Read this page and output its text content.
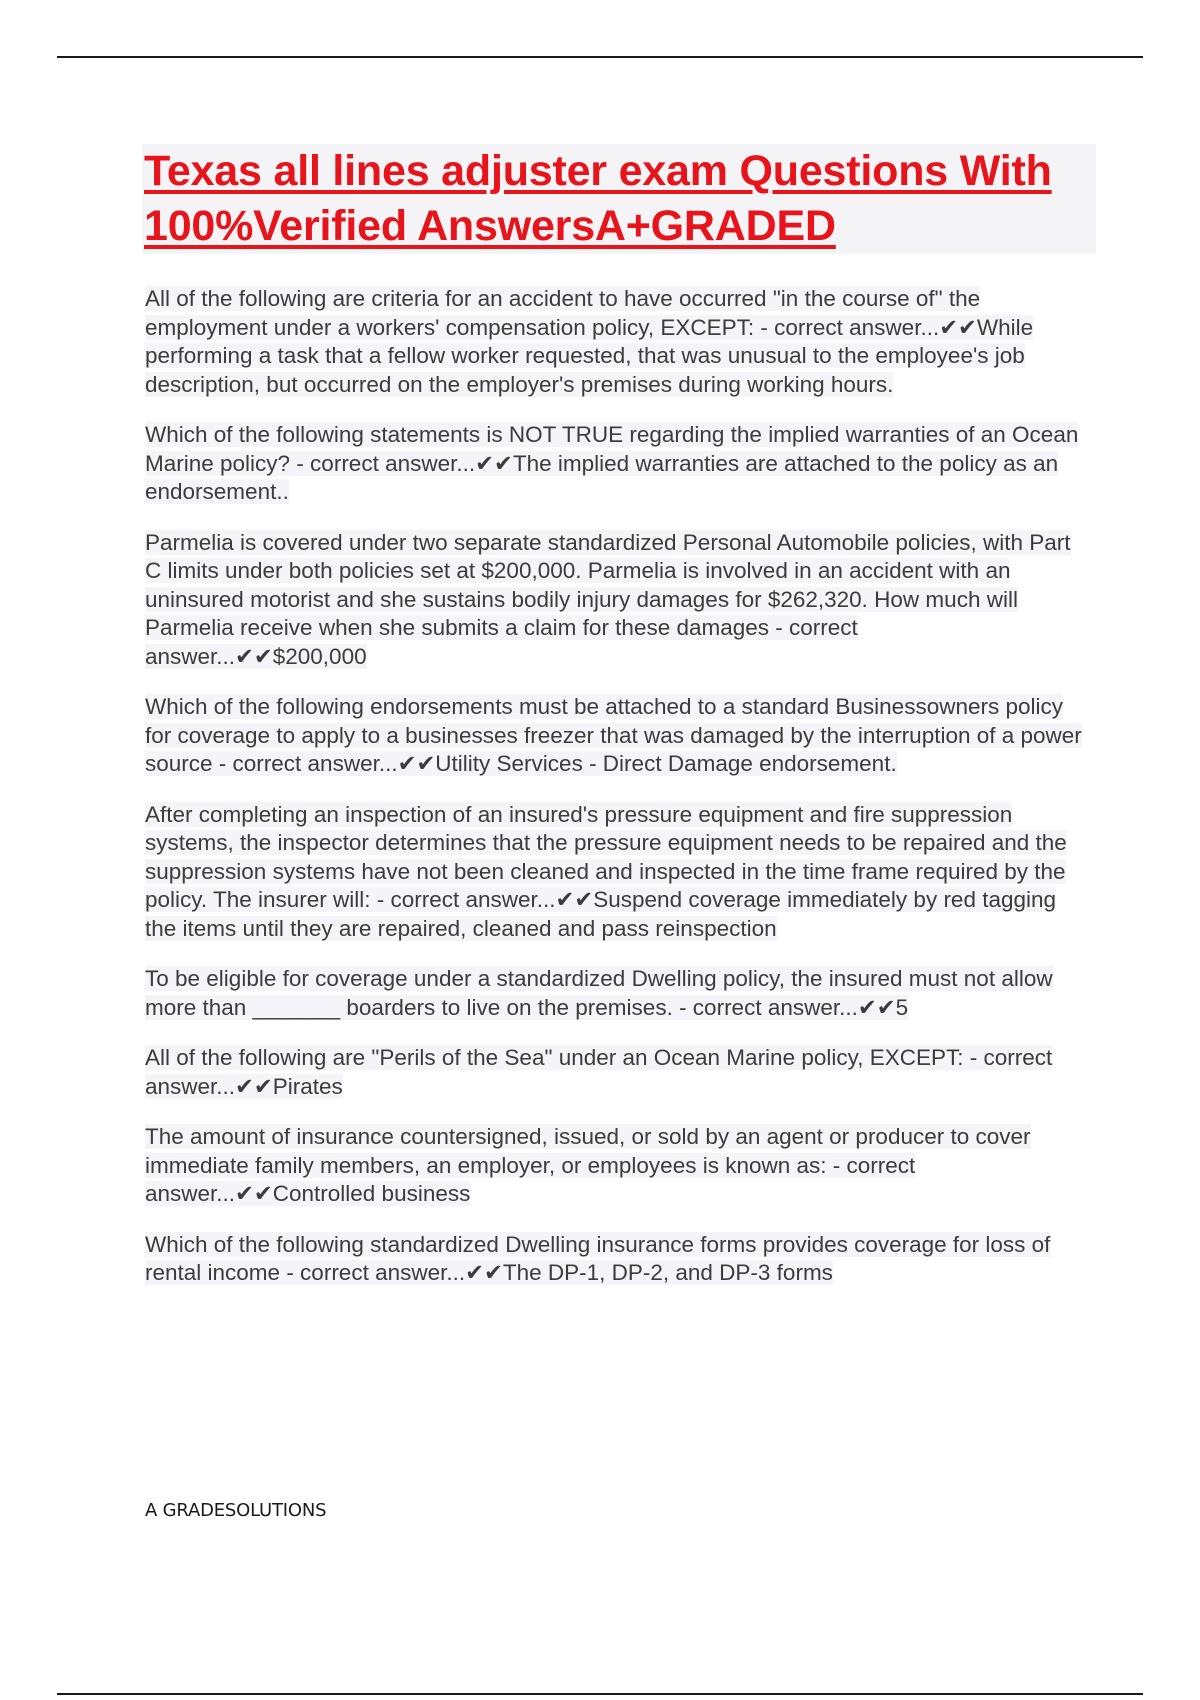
Texas all lines adjuster exam Questions With 100%Verified AnswersA+GRADED

All of the following are criteria for an accident to have occurred "in the course of" the employment under a workers' compensation policy, EXCEPT: - correct answer...✔✔While performing a task that a fellow worker requested, that was unusual to the employee's job description, but occurred on the employer's premises during working hours.

Which of the following statements is NOT TRUE regarding the implied warranties of an Ocean Marine policy? - correct answer...✔✔The implied warranties are attached to the policy as an endorsement..

Parmelia is covered under two separate standardized Personal Automobile policies, with Part C limits under both policies set at $200,000. Parmelia is involved in an accident with an uninsured motorist and she sustains bodily injury damages for $262,320. How much will Parmelia receive when she submits a claim for these damages - correct answer...✔✔$200,000

Which of the following endorsements must be attached to a standard Businessowners policy for coverage to apply to a businesses freezer that was damaged by the interruption of a power source - correct answer...✔✔Utility Services - Direct Damage endorsement.

After completing an inspection of an insured's pressure equipment and fire suppression systems, the inspector determines that the pressure equipment needs to be repaired and the suppression systems have not been cleaned and inspected in the time frame required by the policy. The insurer will: - correct answer...✔✔Suspend coverage immediately by red tagging the items until they are repaired, cleaned and pass reinspection

To be eligible for coverage under a standardized Dwelling policy, the insured must not allow more than _______ boarders to live on the premises. - correct answer...✔✔5

All of the following are "Perils of the Sea" under an Ocean Marine policy, EXCEPT: - correct answer...✔✔Pirates

The amount of insurance countersigned, issued, or sold by an agent or producer to cover immediate family members, an employer, or employees is known as: - correct answer...✔✔Controlled business

Which of the following standardized Dwelling insurance forms provides coverage for loss of rental income - correct answer...✔✔The DP-1, DP-2, and DP-3 forms

A GRADESOLUTIONS
